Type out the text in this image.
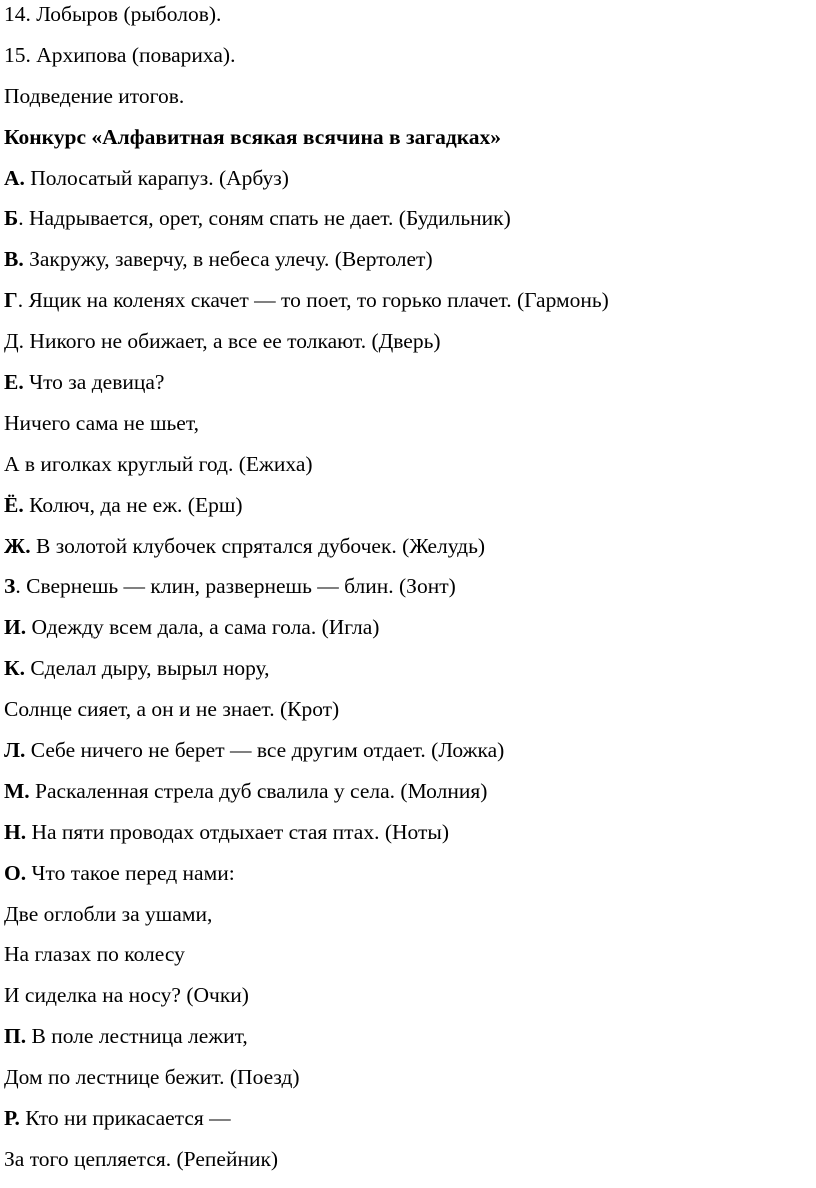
14. Лобыров (рыболов).

15. Архипова (повариха).

Подведение итогов.

Конкурс «Алфавитная всякая всячина в загадках»

А. Полосатый карапуз. (Арбуз)

Б. Надрывается, орет, соням спать не дает. (Будильник)

В. Закружу, заверчу, в небеса улечу. (Вертолет)

Г. Ящик на коленях скачет — то поет, то горько плачет. (Гармонь)

Д. Никого не обижает, а все ее толкают. (Дверь)

Е. Что за девица?

Ничего сама не шьет,

А в иголках круглый год. (Ежиха)

Ё. Колюч, да не еж. (Ерш)

Ж. В золотой клубочек спрятался дубочек. (Желудь)

З. Свернешь — клин, развернешь — блин. (Зонт)

И. Одежду всем дала, а сама гола. (Игла)

К. Сделал дыру, вырыл нору,

Солнце сияет, а он и не знает. (Крот)

Л. Себе ничего не берет — все другим отдает. (Ложка)

М. Раскаленная стрела дуб свалила у села. (Молния)

Н. На пяти проводах отдыхает стая птах. (Ноты)

О. Что такое перед нами:

Две оглобли за ушами,

На глазах по колесу

И сиделка на носу? (Очки)

П. В поле лестница лежит,

Дом по лестнице бежит. (Поезд)

Р. Кто ни прикасается —

За того цепляется. (Репейник)
